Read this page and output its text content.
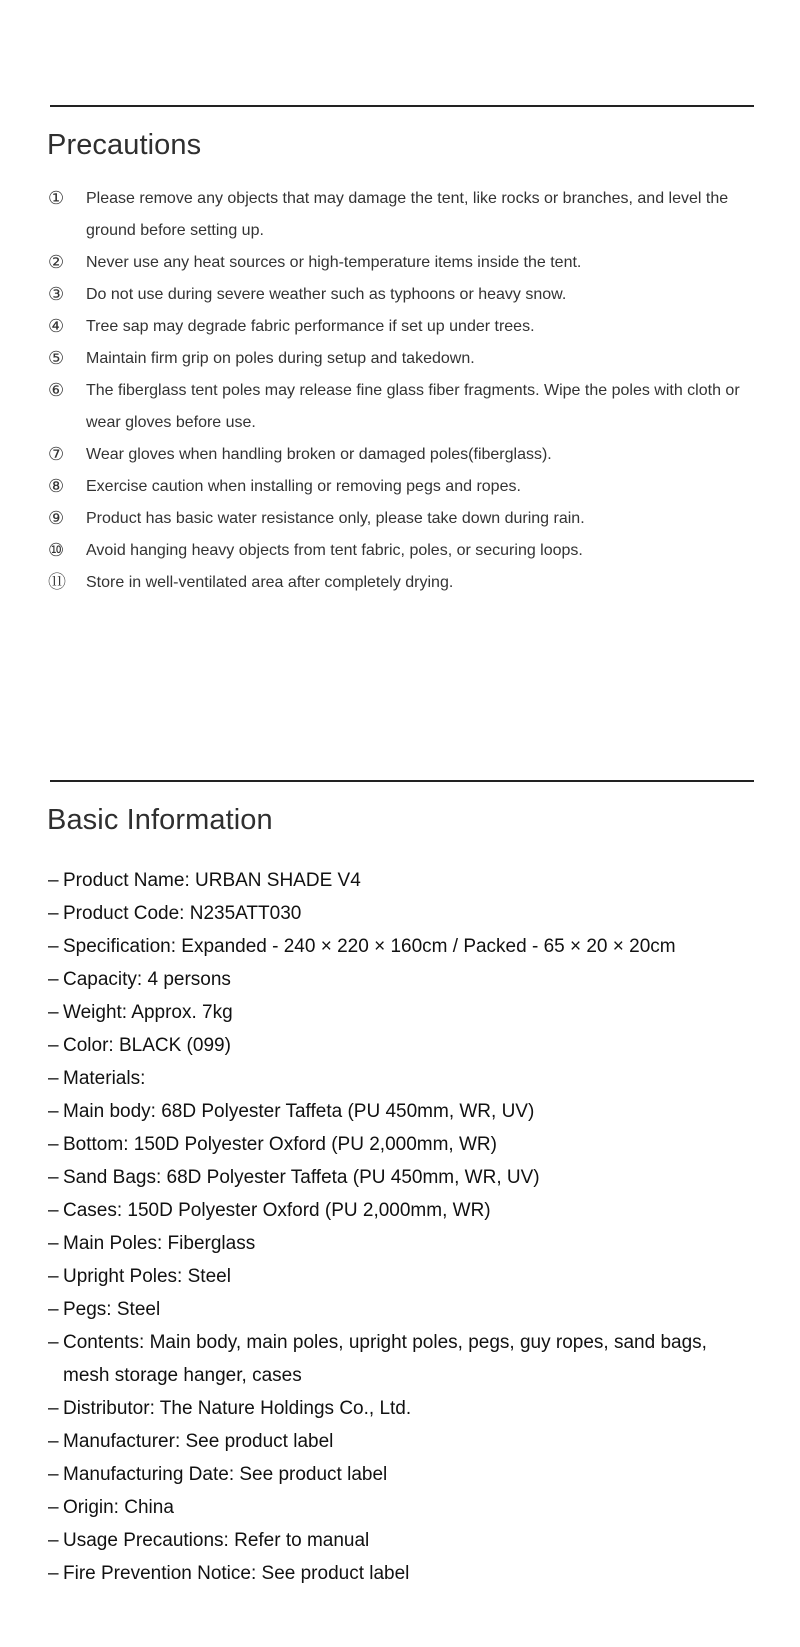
Precautions
①	Please remove any objects that may damage the tent, like rocks or branches, and level the ground before setting up.
②	Never use any heat sources or high-temperature items inside the tent.
③	Do not use during severe weather such as typhoons or heavy snow.
④	Tree sap may degrade fabric performance if set up under trees.
⑤	Maintain firm grip on poles during setup and takedown.
⑥	The fiberglass tent poles may release fine glass fiber fragments. Wipe the poles with cloth or wear gloves before use.
⑦	Wear gloves when handling broken or damaged poles(fiberglass).
⑧	Exercise caution when installing or removing pegs and ropes.
⑨	Product has basic water resistance only, please take down during rain.
⑩	Avoid hanging heavy objects from tent fabric, poles, or securing loops.
⑪	Store in well-ventilated area after completely drying.
Basic Information
– Product Name: URBAN SHADE V4
– Product Code: N235ATT030
– Specification: Expanded - 240 × 220 × 160cm / Packed - 65 × 20 × 20cm
– Capacity: 4 persons
– Weight: Approx. 7kg
– Color: BLACK (099)
– Materials:
– Main body: 68D Polyester Taffeta (PU 450mm, WR, UV)
– Bottom: 150D Polyester Oxford (PU 2,000mm, WR)
– Sand Bags: 68D Polyester Taffeta (PU 450mm, WR, UV)
– Cases: 150D Polyester Oxford (PU 2,000mm, WR)
– Main Poles: Fiberglass
– Upright Poles: Steel
– Pegs: Steel
– Contents: Main body, main poles, upright poles, pegs, guy ropes, sand bags, mesh storage hanger, cases
– Distributor: The Nature Holdings Co., Ltd.
– Manufacturer: See product label
– Manufacturing Date: See product label
– Origin: China
– Usage Precautions: Refer to manual
– Fire Prevention Notice: See product label
